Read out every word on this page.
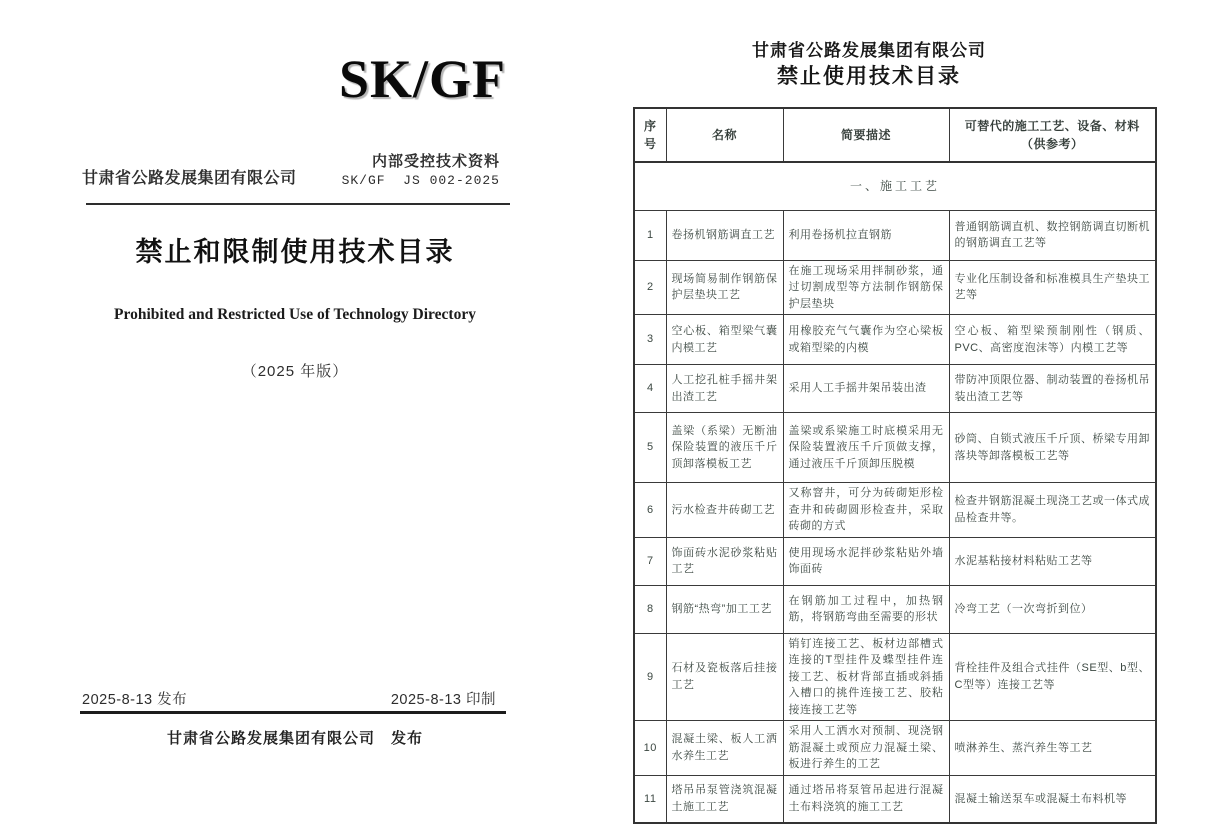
SK/GF
甘肃省公路发展集团有限公司
内部受控技术资料
SK/GF  JS 002-2025
禁止和限制使用技术目录
Prohibited and Restricted Use of Technology Directory
（2025 年版）
2025-8-13 发布	2025-8-13 印制
甘肃省公路发展集团有限公司　发布
甘肃省公路发展集团有限公司
禁止使用技术目录
序号	名称	简要描述	可替代的施工工艺、设备、材料（供参考）
一、施工工艺			
1	卷扬机钢筋调直工艺	利用卷扬机拉直钢筋	普通钢筋调直机、数控钢筋调直切断机的钢筋调直工艺等
2	现场简易制作钢筋保护层垫块工艺	在施工现场采用拌制砂浆，通过切割成型等方法制作钢筋保护层垫块	专业化压制设备和标准模具生产垫块工艺等
3	空心板、箱型梁气囊内模工艺	用橡胶充气气囊作为空心梁板或箱型梁的内模	空心板、箱型梁预制刚性（钢质、PVC、高密度泡沫等）内模工艺等
4	人工挖孔桩手摇井架出渣工艺	采用人工手摇井架吊装出渣	带防冲顶限位器、制动装置的卷扬机吊装出渣工艺等
5	盖梁（系梁）无断油保险装置的液压千斤顶卸落模板工艺	盖梁或系梁施工时底模采用无保险装置液压千斤顶做支撑，通过液压千斤顶卸压脱模	砂筒、自锁式液压千斤顶、桥梁专用卸落块等卸落模板工艺等
6	污水检查井砖砌工艺	又称窨井，可分为砖砌矩形检查井和砖砌圆形检查井，采取砖砌的方式	检查井钢筋混凝土现浇工艺或一体式成品检查井等。
7	饰面砖水泥砂浆粘贴工艺	使用现场水泥拌砂浆粘贴外墙饰面砖	水泥基粘接材料粘贴工艺等
8	钢筋“热弯”加工工艺	在钢筋加工过程中，加热钢筋，将钢筋弯曲至需要的形状	冷弯工艺（一次弯折到位）
9	石材及瓷板落后挂接工艺	销钉连接工艺、板材边部槽式连接的T型挂件及蝶型挂件连接工艺、板材背部直插或斜插入槽口的挑件连接工艺、胶粘接连接工艺等	背栓挂件及组合式挂件（SE型、b型、C型等）连接工艺等
10	混凝土梁、板人工洒水养生工艺	采用人工洒水对预制、现浇钢筋混凝土或预应力混凝土梁、板进行养生的工艺	喷淋养生、蒸汽养生等工艺
11	塔吊吊泵管浇筑混凝土施工工艺	通过塔吊将泵管吊起进行混凝土布料浇筑的施工工艺	混凝土输送泵车或混凝土布料机等
